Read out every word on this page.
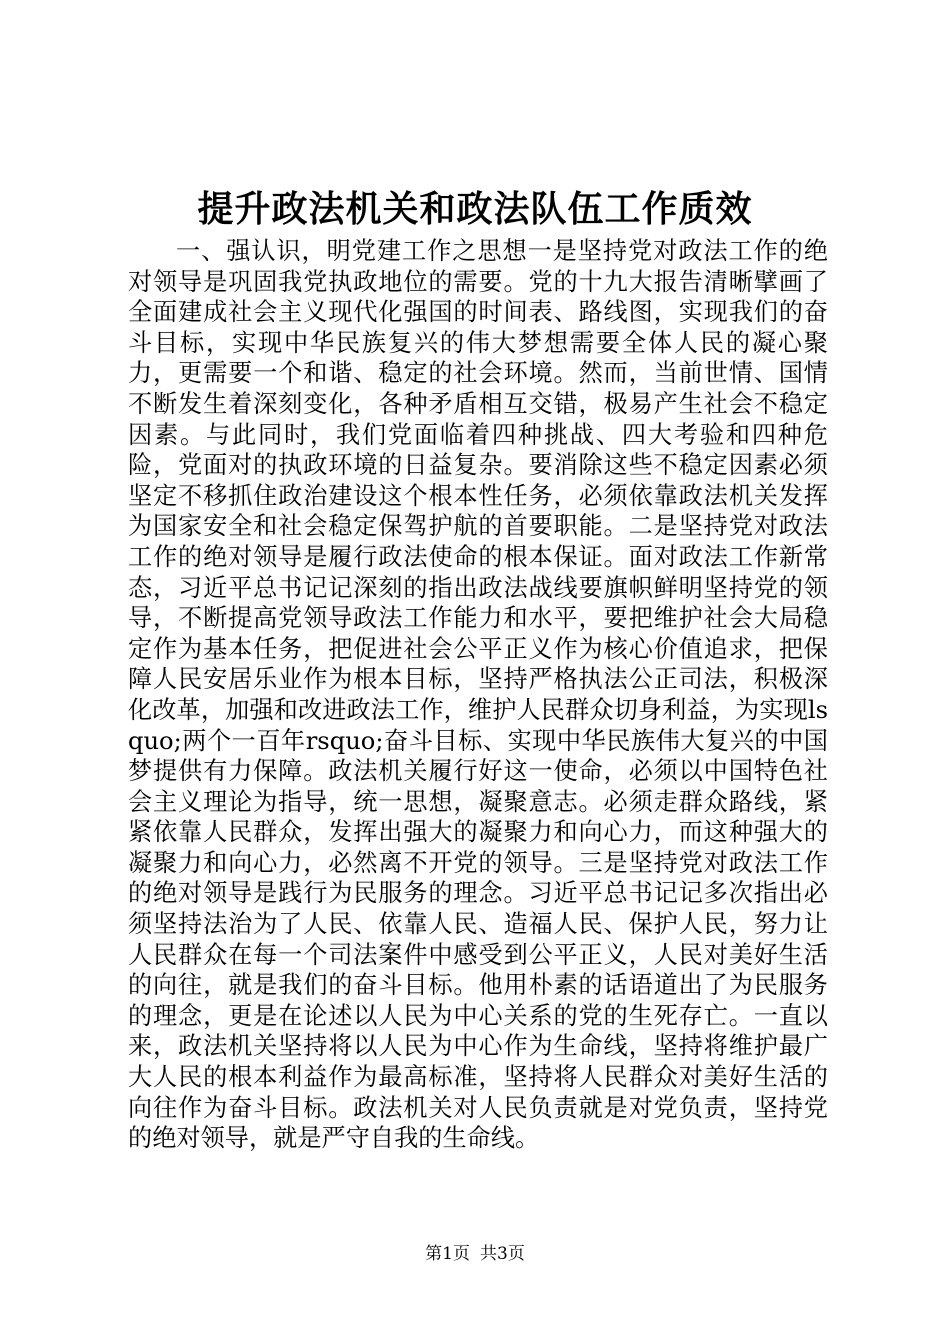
提升政法机关和政法队伍工作质效

一、强认识，明党建工作之思想一是坚持党对政法工作的绝对领导是巩固我党执政地位的需要。党的十九大报告清晰擘画了全面建成社会主义现代化强国的时间表、路线图，实现我们的奋斗目标，实现中华民族复兴的伟大梦想需要全体人民的凝心聚力，更需要一个和谐、稳定的社会环境。然而，当前世情、国情不断发生着深刻变化，各种矛盾相互交错，极易产生社会不稳定因素。与此同时，我们党面临着四种挑战、四大考验和四种危险，党面对的执政环境的日益复杂。要消除这些不稳定因素必须坚定不移抓住政治建设这个根本性任务，必须依靠政法机关发挥为国家安全和社会稳定保驾护航的首要职能。二是坚持党对政法工作的绝对领导是履行政法使命的根本保证。面对政法工作新常态，习近平总书记记深刻的指出政法战线要旗帜鲜明坚持党的领导，不断提高党领导政法工作能力和水平，要把维护社会大局稳定作为基本任务，把促进社会公平正义作为核心价值追求，把保障人民安居乐业作为根本目标，坚持严格执法公正司法，积极深化改革，加强和改进政法工作，维护人民群众切身利益，为实现lsquo;两个一百年rsquo;奋斗目标、实现中华民族伟大复兴的中国梦提供有力保障。政法机关履行好这一使命，必须以中国特色社会主义理论为指导，统一思想，凝聚意志。必须走群众路线，紧紧依靠人民群众，发挥出强大的凝聚力和向心力，而这种强大的凝聚力和向心力，必然离不开党的领导。三是坚持党对政法工作的绝对领导是践行为民服务的理念。习近平总书记记多次指出必须坚持法治为了人民、依靠人民、造福人民、保护人民，努力让人民群众在每一个司法案件中感受到公平正义，人民对美好生活的向往，就是我们的奋斗目标。他用朴素的话语道出了为民服务的理念，更是在论述以人民为中心关系的党的生死存亡。一直以来，政法机关坚持将以人民为中心作为生命线，坚持将维护最广大人民的根本利益作为最高标准，坚持将人民群众对美好生活的向往作为奋斗目标。政法机关对人民负责就是对党负责，坚持党的绝对领导，就是严守自我的生命线。

第1页 共3页
